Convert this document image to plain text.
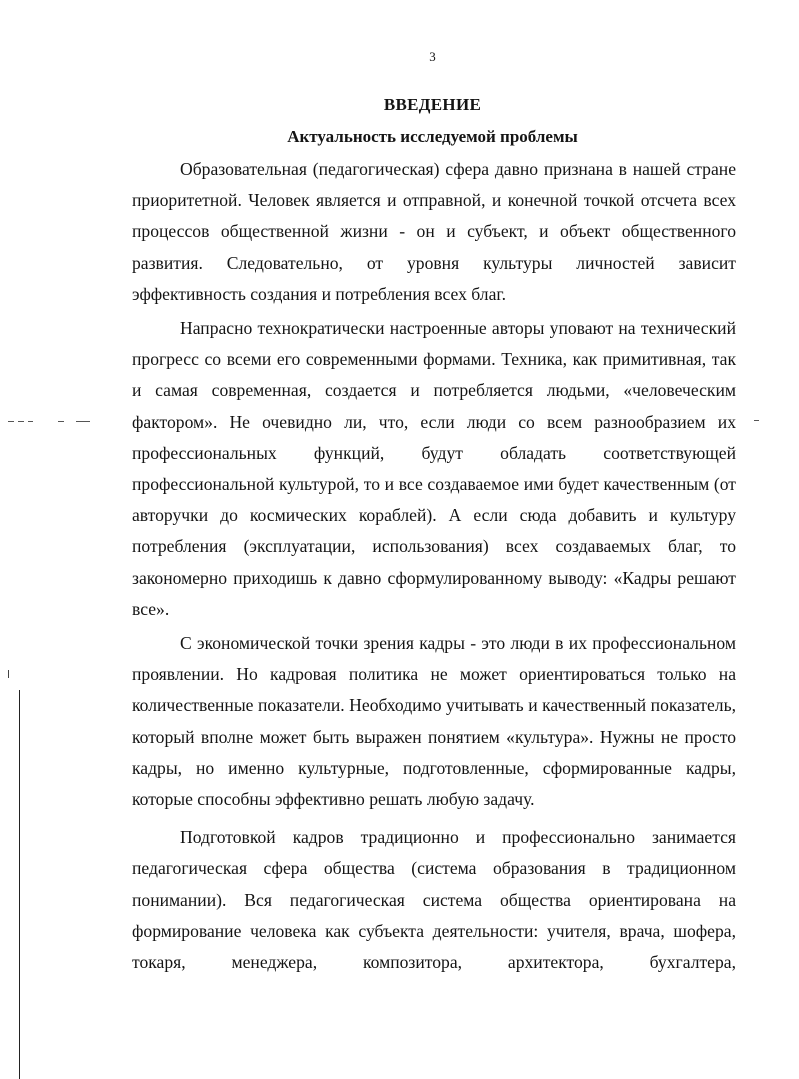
3
ВВЕДЕНИЕ
Актуальность исследуемой проблемы

Образовательная (педагогическая) сфера давно признана в нашей стране приоритетной. Человек является и отправной, и конечной точкой отсчета всех процессов общественной жизни - он и субъект, и объект общественного развития. Следовательно, от уровня культуры личностей зависит эффективность создания и потребления всех благ.

Напрасно технократически настроенные авторы уповают на технический прогресс со всеми его современными формами. Техника, как примитивная, так и самая современная, создается и потребляется людьми, «человеческим фактором». Не очевидно ли, что, если люди со всем разнообразием их профессиональных функций, будут обладать соответствующей профессиональной культурой, то и все создаваемое ими будет качественным (от авторучки до космических кораблей). А если сюда добавить и культуру потребления (эксплуатации, использования) всех создаваемых благ, то закономерно приходишь к давно сформулированному выводу: «Кадры решают все».

С экономической точки зрения кадры - это люди в их профессиональном проявлении. Но кадровая политика не может ориентироваться только на количественные показатели. Необходимо учитывать и качественный показатель, который вполне может быть выражен понятием «культура». Нужны не просто кадры, но именно культурные, подготовленные, сформированные кадры, которые способны эффективно решать любую задачу.

Подготовкой кадров традиционно и профессионально занимается педагогическая сфера общества (система образования в традиционном понимании). Вся педагогическая система общества ориентирована на формирование человека как субъекта деятельности: учителя, врача, шофера, токаря, менеджера, композитора, архитектора, бухгалтера,
